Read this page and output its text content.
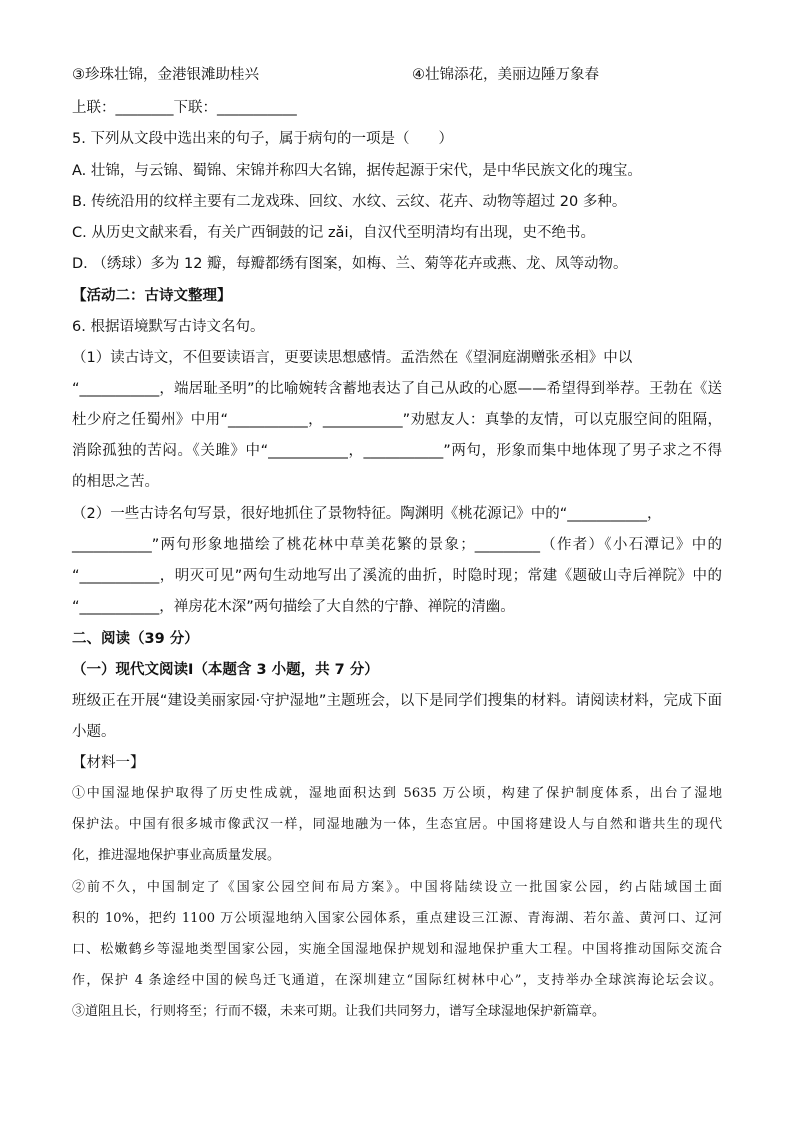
③珍珠壮锦，金港银滩助桂兴	④壮锦添花，美丽边陲万象春
上联：________下联：___________
5. 下列从文段中选出来的句子，属于病句的一项是（　　）
A. 壮锦，与云锦、蜀锦、宋锦并称四大名锦，据传起源于宋代，是中华民族文化的瑰宝。
B. 传统沿用的纹样主要有二龙戏珠、回纹、水纹、云纹、花卉、动物等超过 20 多种。
C. 从历史文献来看，有关广西铜鼓的记 zǎi，自汉代至明清均有出现，史不绝书。
D. （绣球）多为 12 瓣，每瓣都绣有图案，如梅、兰、菊等花卉或燕、龙、凤等动物。
【活动二：古诗文整理】
6. 根据语境默写古诗文名句。
（1）读古诗文，不但要读语言，更要读思想感情。孟浩然在《望洞庭湖赠张丞相》中以
“___________，端居耻圣明”的比喻婉转含蓄地表达了自己从政的心愿——希望得到举荐。王勃在《送
杜少府之任蜀州》中用“___________，___________”劝慰友人：真挚的友情，可以克服空间的阻隔，
消除孤独的苦闷。《关雎》中“___________，___________”两句，形象而集中地体现了男子求之不得
的相思之苦。
（2）一些古诗名句写景，很好地抓住了景物特征。陶渊明《桃花源记》中的“___________，
___________”两句形象地描绘了桃花林中草美花繁的景象；_________（作者）《小石潭记》中的
“___________，明灭可见”两句生动地写出了溪流的曲折，时隐时现；常建《题破山寺后禅院》中的
“___________，禅房花木深”两句描绘了大自然的宁静、禅院的清幽。
二、阅读（39 分）
（一）现代文阅读Ⅰ（本题含 3 小题，共 7 分）
班级正在开展“建设美丽家园·守护湿地”主题班会，以下是同学们搜集的材料。请阅读材料，完成下面
小题。
【材料一】
①中国湿地保护取得了历史性成就，湿地面积达到 5635 万公顷，构建了保护制度体系，出台了湿地
保护法。中国有很多城市像武汉一样，同湿地融为一体，生态宜居。中国将建设人与自然和谐共生的现代
化，推进湿地保护事业高质量发展。
②前不久，中国制定了《国家公园空间布局方案》。中国将陆续设立一批国家公园，约占陆域国土面
积的 10%，把约 1100 万公顷湿地纳入国家公园体系，重点建设三江源、青海湖、若尔盖、黄河口、辽河
口、松嫩鹤乡等湿地类型国家公园，实施全国湿地保护规划和湿地保护重大工程。中国将推动国际交流合
作，保护 4 条途经中国的候鸟迁飞通道，在深圳建立“国际红树林中心”，支持举办全球滨海论坛会议。
③道阻且长，行则将至；行而不辍，未来可期。让我们共同努力，谱写全球湿地保护新篇章。
